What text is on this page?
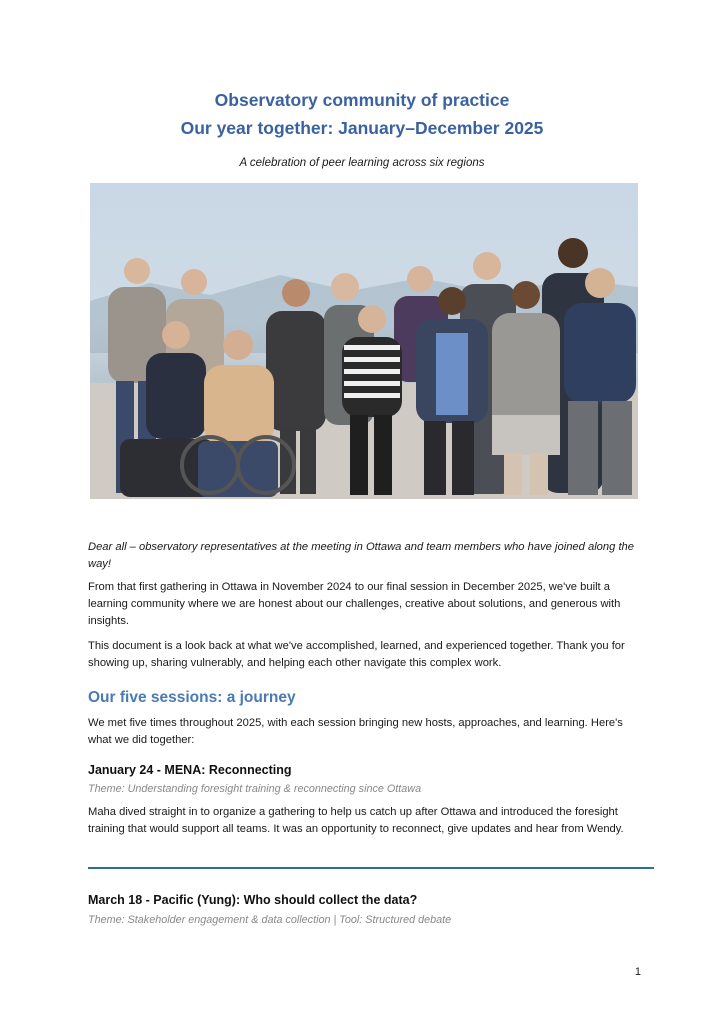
Observatory community of practice
Our year together: January–December 2025
A celebration of peer learning across six regions

Dear all – observatory representatives at the meeting in Ottawa and team members who have joined along the way!

From that first gathering in Ottawa in November 2024 to our final session in December 2025, we've built a learning community where we are honest about our challenges, creative about solutions, and generous with insights.

This document is a look back at what we've accomplished, learned, and experienced together. Thank you for showing up, sharing vulnerably, and helping each other navigate this complex work.

Our five sessions: a journey

We met five times throughout 2025, with each session bringing new hosts, approaches, and learning. Here's what we did together:

January 24 - MENA: Reconnecting

Theme: Understanding foresight training & reconnecting since Ottawa

Maha dived straight in to organize a gathering to help us catch up after Ottawa and introduced the foresight training that would support all teams. It was an opportunity to reconnect, give updates and hear from Wendy.

March 18 - Pacific (Yung): Who should collect the data?

Theme: Stakeholder engagement & data collection | Tool: Structured debate

1
